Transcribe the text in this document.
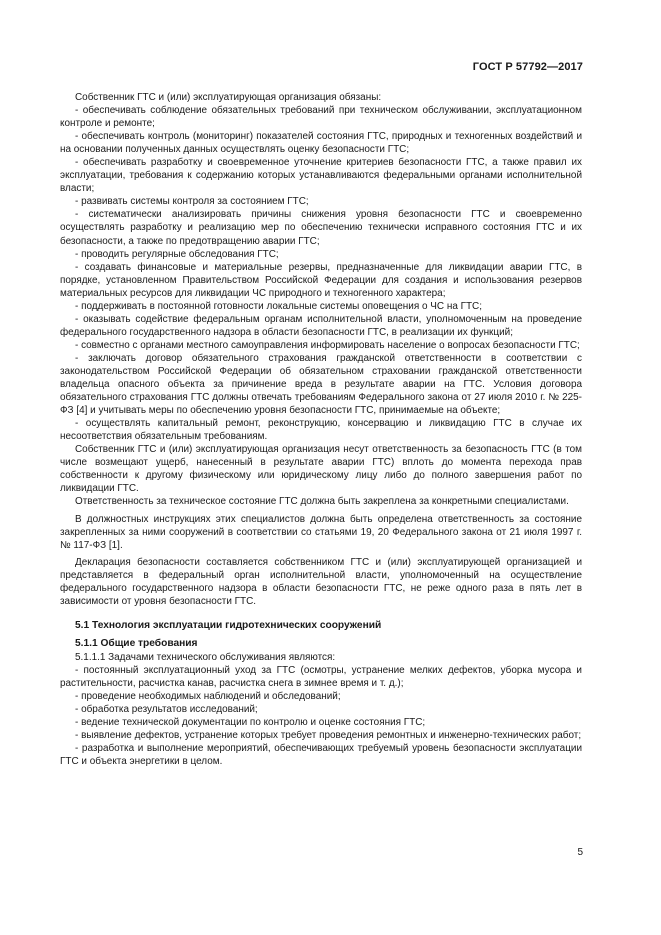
ГОСТ Р 57792—2017

Собственник ГТС и (или) эксплуатирующая организация обязаны:

- обеспечивать соблюдение обязательных требований при техническом обслуживании, эксплуатационном контроле и ремонте;

- обеспечивать контроль (мониторинг) показателей состояния ГТС, природных и техногенных воздействий и на основании полученных данных осуществлять оценку безопасности ГТС;

- обеспечивать разработку и своевременное уточнение критериев безопасности ГТС, а также правил их эксплуатации, требования к содержанию которых устанавливаются федеральными органами исполнительной власти;

- развивать системы контроля за состоянием ГТС;

- систематически анализировать причины снижения уровня безопасности ГТС и своевременно осуществлять разработку и реализацию мер по обеспечению технически исправного состояния ГТС и их безопасности, а также по предотвращению аварии ГТС;

- проводить регулярные обследования ГТС;

- создавать финансовые и материальные резервы, предназначенные для ликвидации аварии ГТС, в порядке, установленном Правительством Российской Федерации для создания и использования резервов материальных ресурсов для ликвидации ЧС природного и техногенного характера;

- поддерживать в постоянной готовности локальные системы оповещения о ЧС на ГТС;

- оказывать содействие федеральным органам исполнительной власти, уполномоченным на проведение федерального государственного надзора в области безопасности ГТС, в реализации их функций;

- совместно с органами местного самоуправления информировать население о вопросах безопасности ГТС;

- заключать договор обязательного страхования гражданской ответственности в соответствии с законодательством Российской Федерации об обязательном страховании гражданской ответственности владельца опасного объекта за причинение вреда в результате аварии на ГТС. Условия договора обязательного страхования ГТС должны отвечать требованиям Федерального закона от 27 июля 2010 г. № 225-ФЗ [4] и учитывать меры по обеспечению уровня безопасности ГТС, принимаемые на объекте;

- осуществлять капитальный ремонт, реконструкцию, консервацию и ликвидацию ГТС в случае их несоответствия обязательным требованиям.

Собственник ГТС и (или) эксплуатирующая организация несут ответственность за безопасность ГТС (в том числе возмещают ущерб, нанесенный в результате аварии ГТС) вплоть до момента перехода прав собственности к другому физическому или юридическому лицу либо до полного завершения работ по ликвидации ГТС.

Ответственность за техническое состояние ГТС должна быть закреплена за конкретными специалистами.

В должностных инструкциях этих специалистов должна быть определена ответственность за состояние закрепленных за ними сооружений в соответствии со статьями 19, 20 Федерального закона от 21 июля 1997 г. № 117-ФЗ [1].

Декларация безопасности составляется собственником ГТС и (или) эксплуатирующей организацией и представляется в федеральный орган исполнительной власти, уполномоченный на осуществление федерального государственного надзора в области безопасности ГТС, не реже одного раза в пять лет в зависимости от уровня безопасности ГТС.

5.1 Технология эксплуатации гидротехнических сооружений
5.1.1 Общие требования

5.1.1.1 Задачами технического обслуживания являются:

- постоянный эксплуатационный уход за ГТС (осмотры, устранение мелких дефектов, уборка мусора и растительности, расчистка канав, расчистка снега в зимнее время и т. д.);

- проведение необходимых наблюдений и обследований;

- обработка результатов исследований;

- ведение технической документации по контролю и оценке состояния ГТС;

- выявление дефектов, устранение которых требует проведения ремонтных и инженерно-технических работ;

- разработка и выполнение мероприятий, обеспечивающих требуемый уровень безопасности эксплуатации ГТС и объекта энергетики в целом.

5
